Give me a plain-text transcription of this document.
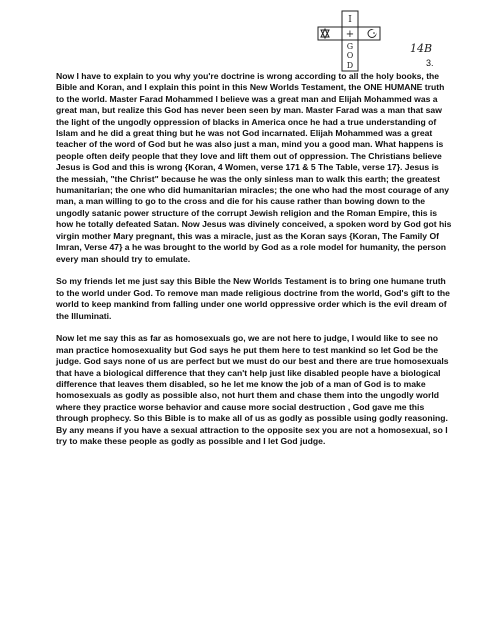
I
+
G
O
D
14B
3.

Now I have to explain to you why you're doctrine is wrong according to all the holy books, the Bible and Koran, and I explain this point in this New Worlds Testament, the ONE HUMANE truth to the world. Master Farad Mohammed I believe was a great man and Elijah Mohammed was a great man, but realize this God has never been seen by man. Master Farad was a man that saw the light of the ungodly oppression of blacks in America once he had a true understanding of Islam and he did a great thing but he was not God incarnated. Elijah Mohammed was a great teacher of the word of God but he was also just a man, mind you a good man. What happens is people often deify people that they love and lift them out of oppression. The Christians believe Jesus is God and this is wrong {Koran, 4 Women, verse 171 & 5 The Table, verse 17}. Jesus is the messiah, "the Christ" because he was the only sinless man to walk this earth; the greatest humanitarian; the one who did humanitarian miracles; the one who had the most courage of any man, a man willing to go to the cross and die for his cause rather than bowing down to the ungodly satanic power structure of the corrupt Jewish religion and the Roman Empire, this is how he totally defeated Satan. Now Jesus was divinely conceived, a spoken word by God got his virgin mother Mary pregnant, this was a miracle, just as the Koran says {Koran, The Family Of Imran, Verse 47} a he was brought to the world by God as a role model for humanity, the person every man should try to emulate.

So my friends let me just say this Bible the New Worlds Testament is to bring one humane truth to the world under God. To remove man made religious doctrine from the world, God's gift to the world to keep mankind from falling under one world oppressive order which is the evil dream of the Illuminati.

Now let me say this as far as homosexuals go, we are not here to judge, I would like to see no man practice homosexuality but God says he put them here to test mankind so let God be the judge. God says none of us are perfect but we must do our best and there are true homosexuals that have a biological difference that they can't help just like disabled people have a biological difference that leaves them disabled, so he let me know the job of a man of God is to make homosexuals as godly as possible also, not hurt them and chase them into the ungodly world where they practice worse behavior and cause more social destruction , God gave me this through prophecy. So this Bible is to make all of us as godly as possible using godly reasoning. By any means if you have a sexual attraction to the opposite sex you are not a homosexual, so I try to make these people as godly as possible and I let God judge.
